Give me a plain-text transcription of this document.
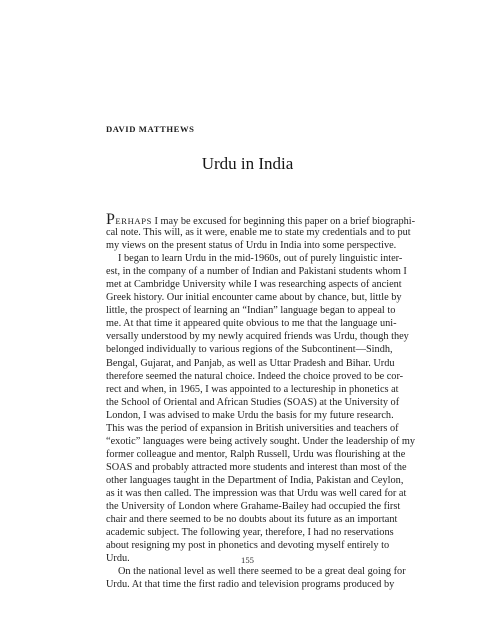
DAVID MATTHEWS
Urdu in India
PERHAPS I may be excused for beginning this paper on a brief biographi-
cal note. This will, as it were, enable me to state my credentials and to put
my views on the present status of Urdu in India into some perspective.
I began to learn Urdu in the mid-1960s, out of purely linguistic inter-
est, in the company of a number of Indian and Pakistani students whom I
met at Cambridge University while I was researching aspects of ancient
Greek history. Our initial encounter came about by chance, but, little by
little, the prospect of learning an “Indian” language began to appeal to
me. At that time it appeared quite obvious to me that the language uni-
versally understood by my newly acquired friends was Urdu, though they
belonged individually to various regions of the Subcontinent—Sindh,
Bengal, Gujarat, and Panjab, as well as Uttar Pradesh and Bihar. Urdu
therefore seemed the natural choice. Indeed the choice proved to be cor-
rect and when, in 1965, I was appointed to a lectureship in phonetics at
the School of Oriental and African Studies (SOAS) at the University of
London, I was advised to make Urdu the basis for my future research.
This was the period of expansion in British universities and teachers of
“exotic” languages were being actively sought. Under the leadership of my
former colleague and mentor, Ralph Russell, Urdu was flourishing at the
SOAS and probably attracted more students and interest than most of the
other languages taught in the Department of India, Pakistan and Ceylon,
as it was then called. The impression was that Urdu was well cared for at
the University of London where Grahame-Bailey had occupied the first
chair and there seemed to be no doubts about its future as an important
academic subject. The following year, therefore, I had no reservations
about resigning my post in phonetics and devoting myself entirely to
Urdu.
On the national level as well there seemed to be a great deal going for
Urdu. At that time the first radio and television programs produced by
155
